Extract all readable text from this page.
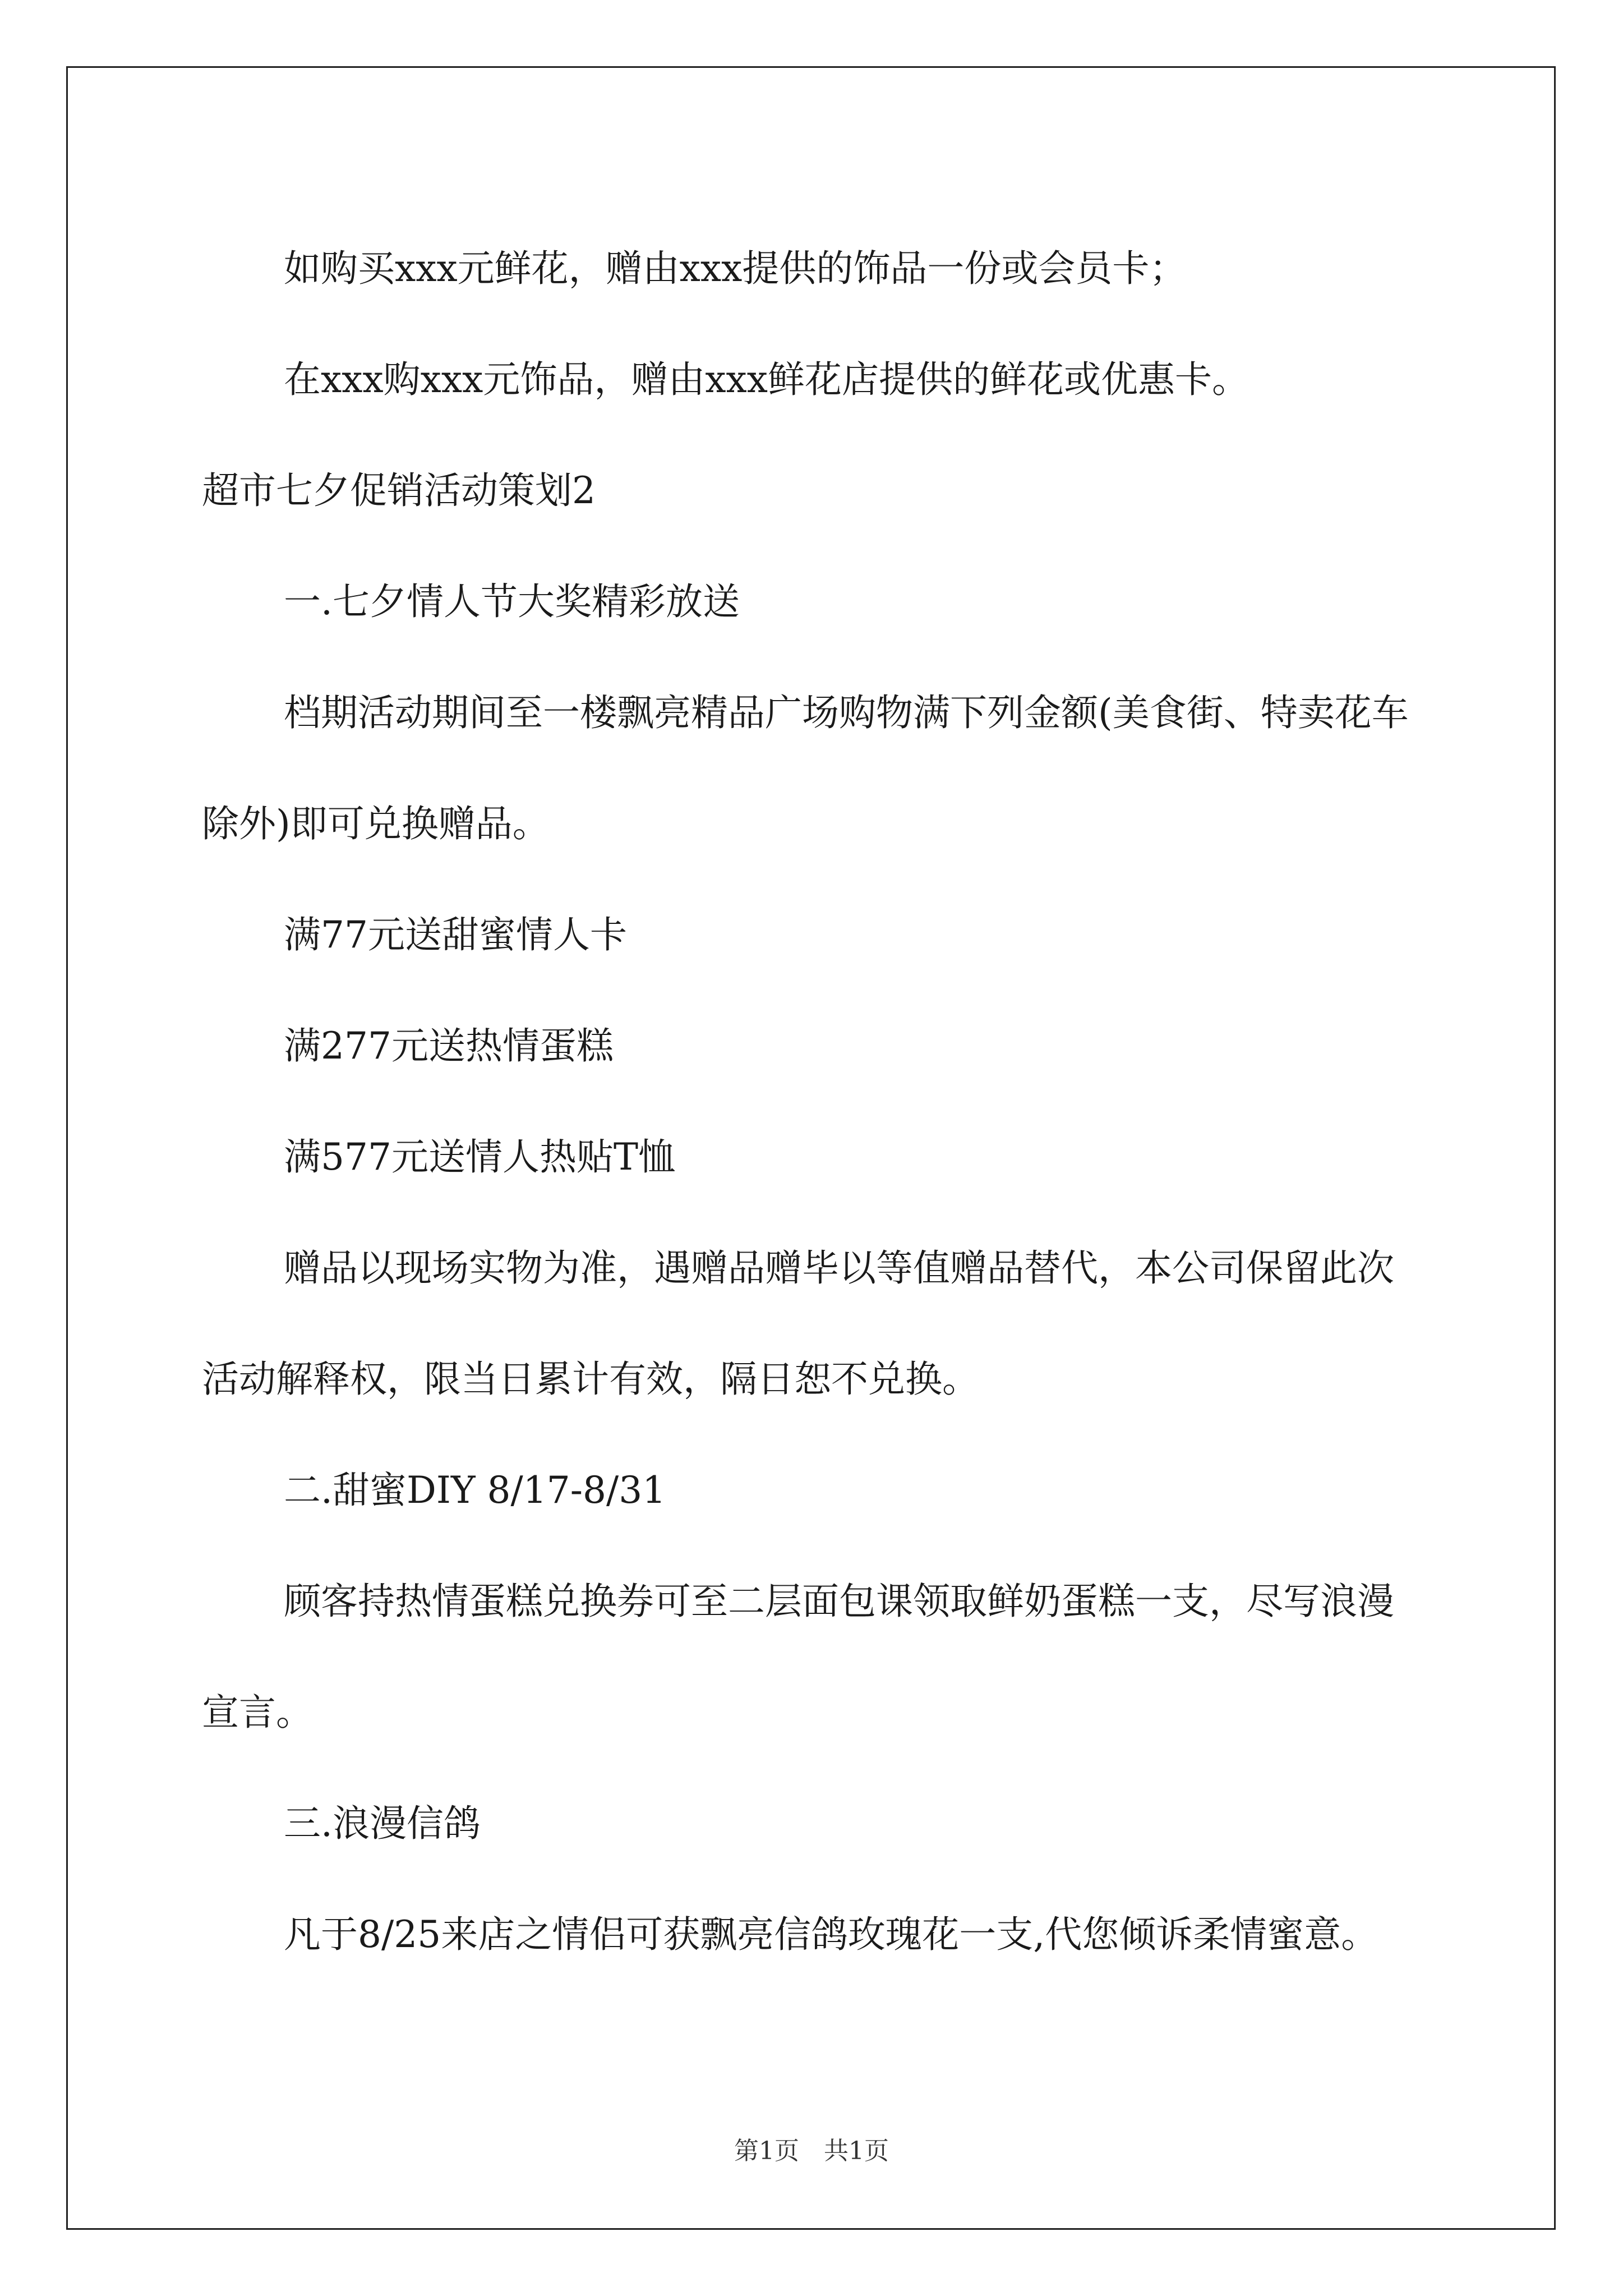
如购买xxx元鲜花，赠由xxx提供的饰品一份或会员卡；

在xxx购xxx元饰品，赠由xxx鲜花店提供的鲜花或优惠卡。

超市七夕促销活动策划2

一.七夕情人节大奖精彩放送

档期活动期间至一楼飘亮精品广场购物满下列金额(美食街、特卖花车除外)即可兑换赠品。

满77元送甜蜜情人卡

满277元送热情蛋糕

满577元送情人热贴T恤

赠品以现场实物为准，遇赠品赠毕以等值赠品替代，本公司保留此次活动解释权，限当日累计有效，隔日恕不兑换。

二.甜蜜DIY 8/17-8/31

顾客持热情蛋糕兑换券可至二层面包课领取鲜奶蛋糕一支，尽写浪漫宣言。

三.浪漫信鸽

凡于8/25来店之情侣可获飘亮信鸽玫瑰花一支,代您倾诉柔情蜜意。

第1页　共1页
